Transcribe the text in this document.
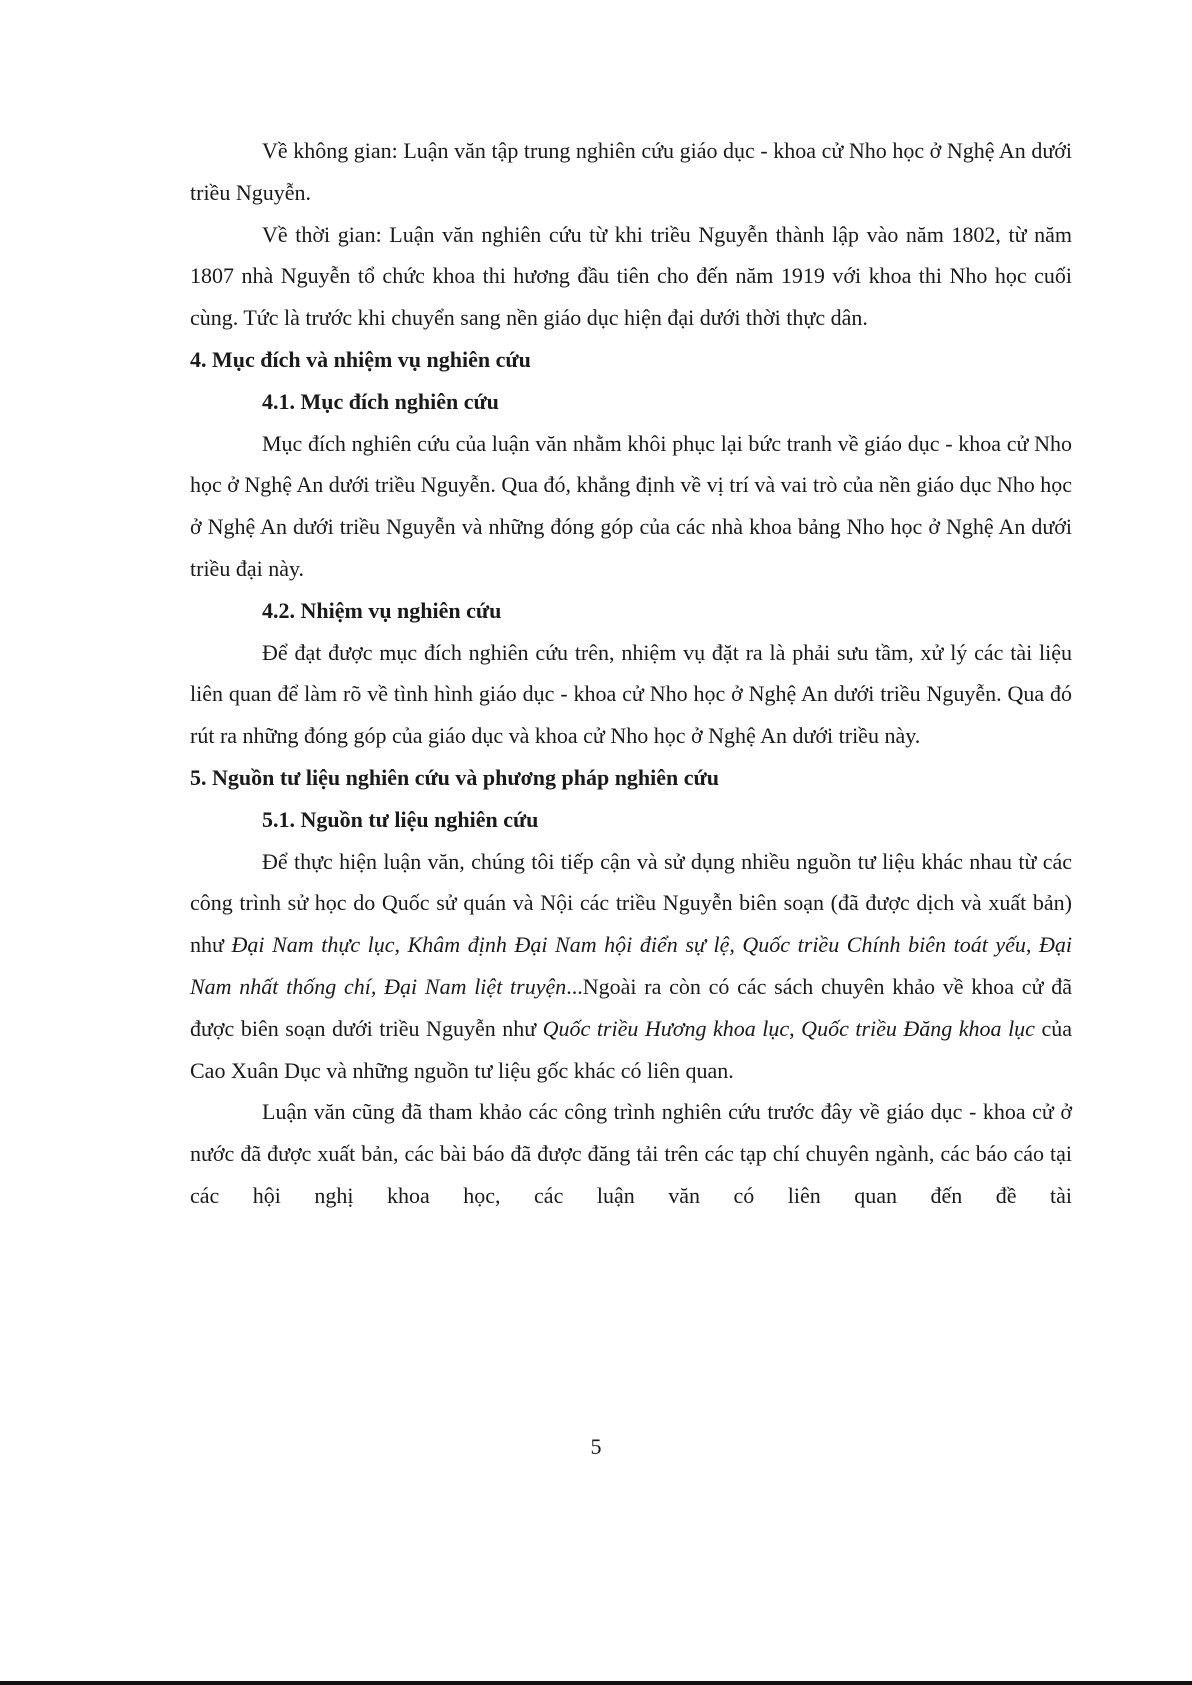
Về không gian: Luận văn tập trung nghiên cứu giáo dục - khoa cử Nho học ở Nghệ An dưới triều Nguyễn.

Về thời gian: Luận văn nghiên cứu từ khi triều Nguyễn thành lập vào năm 1802, từ năm 1807 nhà Nguyễn tổ chức khoa thi hương đầu tiên cho đến năm 1919 với khoa thi Nho học cuối cùng. Tức là trước khi chuyển sang nền giáo dục hiện đại dưới thời thực dân.

4. Mục đích và nhiệm vụ nghiên cứu

4.1. Mục đích nghiên cứu

Mục đích nghiên cứu của luận văn nhằm khôi phục lại bức tranh về giáo dục - khoa cử Nho học ở Nghệ An dưới triều Nguyễn. Qua đó, khẳng định về vị trí và vai trò của nền giáo dục Nho học ở Nghệ An dưới triều Nguyễn và những đóng góp của các nhà khoa bảng Nho học ở Nghệ An dưới triều đại này.

4.2. Nhiệm vụ nghiên cứu

Để đạt được mục đích nghiên cứu trên, nhiệm vụ đặt ra là phải sưu tầm, xử lý các tài liệu liên quan để làm rõ về tình hình giáo dục - khoa cử Nho học ở Nghệ An dưới triều Nguyễn. Qua đó rút ra những đóng góp của giáo dục và khoa cử Nho học ở Nghệ An dưới triều này.

5. Nguồn tư liệu nghiên cứu và phương pháp nghiên cứu

5.1. Nguồn tư liệu nghiên cứu

Để thực hiện luận văn, chúng tôi tiếp cận và sử dụng nhiều nguồn tư liệu khác nhau từ các công trình sử học do Quốc sử quán và Nội các triều Nguyễn biên soạn (đã được dịch và xuất bản) như Đại Nam thực lục, Khâm định Đại Nam hội điển sự lệ, Quốc triều Chính biên toát yếu, Đại Nam nhất thống chí, Đại Nam liệt truyện...Ngoài ra còn có các sách chuyên khảo về khoa cử đã được biên soạn dưới triều Nguyễn như Quốc triều Hương khoa lục, Quốc triều Đăng khoa lục của Cao Xuân Dục và những nguồn tư liệu gốc khác có liên quan.

Luận văn cũng đã tham khảo các công trình nghiên cứu trước đây về giáo dục - khoa cử ở nước đã được xuất bản, các bài báo đã được đăng tải trên các tạp chí chuyên ngành, các báo cáo tại các hội nghị khoa học, các luận văn có liên quan đến đề tài

5
